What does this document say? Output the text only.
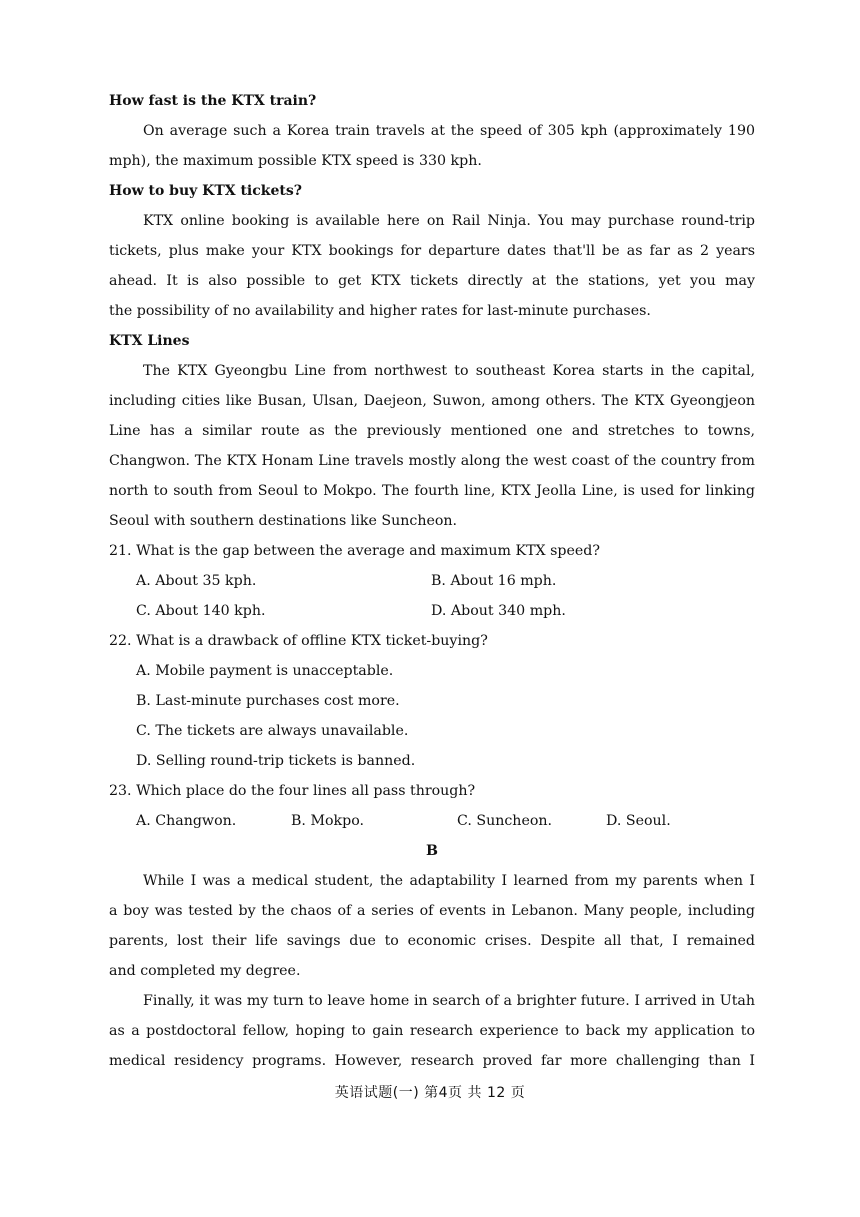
How fast is the KTX train?
On average such a Korea train travels at the speed of 305 kph (approximately 190
mph), the maximum possible KTX speed is 330 kph.
How to buy KTX tickets?
KTX online booking is available here on Rail Ninja. You may purchase round-trip
tickets, plus make your KTX bookings for departure dates that'll be as far as 2 years
ahead. It is also possible to get KTX tickets directly at the stations, yet you may
the possibility of no availability and higher rates for last-minute purchases.
KTX Lines
The KTX Gyeongbu Line from northwest to southeast Korea starts in the capital,
including cities like Busan, Ulsan, Daejeon, Suwon, among others. The KTX Gyeongjeon
Line has a similar route as the previously mentioned one and stretches to towns,
Changwon. The KTX Honam Line travels mostly along the west coast of the country from
north to south from Seoul to Mokpo. The fourth line, KTX Jeolla Line, is used for linking
Seoul with southern destinations like Suncheon.
21. What is the gap between the average and maximum KTX speed?
A. About 35 kph.	B. About 16 mph.
C. About 140 kph.	D. About 340 mph.
22. What is a drawback of offline KTX ticket-buying?
A. Mobile payment is unacceptable.
B. Last-minute purchases cost more.
C. The tickets are always unavailable.
D. Selling round-trip tickets is banned.
23. Which place do the four lines all pass through?
A. Changwon.	B. Mokpo.	C. Suncheon.	D. Seoul.
B
While I was a medical student, the adaptability I learned from my parents when I
a boy was tested by the chaos of a series of events in Lebanon. Many people, including
parents, lost their life savings due to economic crises. Despite all that, I remained
and completed my degree.
Finally, it was my turn to leave home in search of a brighter future. I arrived in Utah
as a postdoctoral fellow, hoping to gain research experience to back my application to
medical residency programs. However, research proved far more challenging than I
英语试题(一) 第4页 共 12 页
